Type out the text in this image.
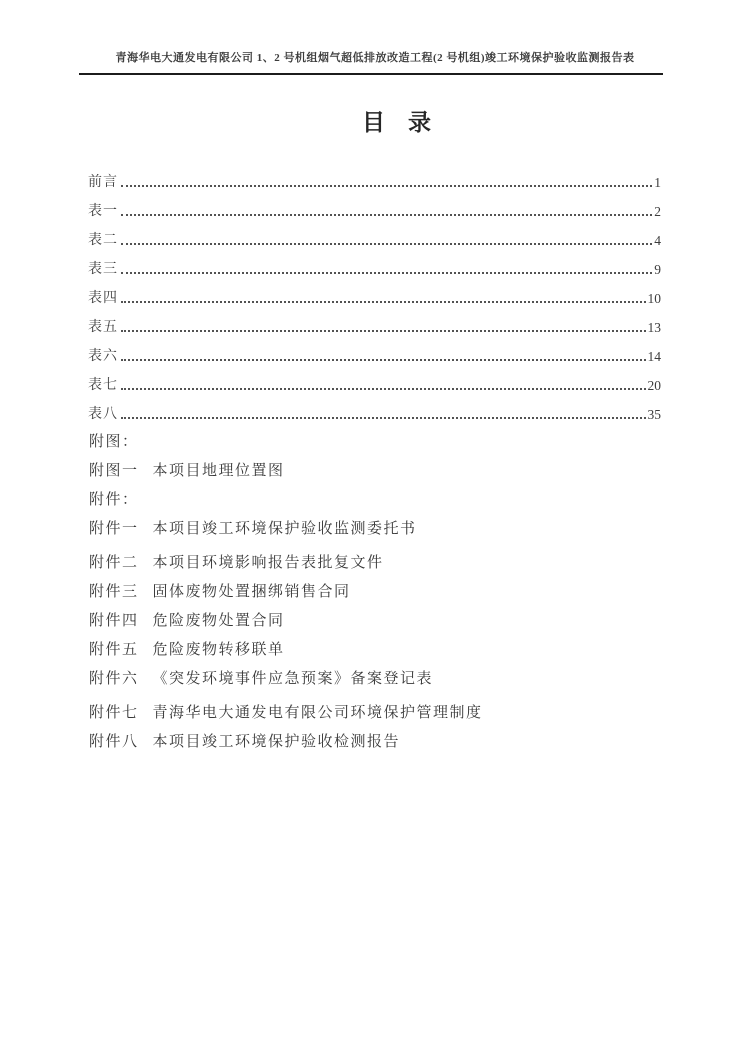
青海华电大通发电有限公司 1、2 号机组烟气超低排放改造工程(2 号机组)竣工环境保护验收监测报告表
目　录
前言	1
表一	2
表二	4
表三	9
表四	10
表五	13
表六	14
表七	20
表八	35
附图：
附图一 本项目地理位置图
附件：
附件一 本项目竣工环境保护验收监测委托书
附件二 本项目环境影响报告表批复文件
附件三 固体废物处置捆绑销售合同
附件四 危险废物处置合同
附件五 危险废物转移联单
附件六 《突发环境事件应急预案》备案登记表
附件七 青海华电大通发电有限公司环境保护管理制度
附件八 本项目竣工环境保护验收检测报告
